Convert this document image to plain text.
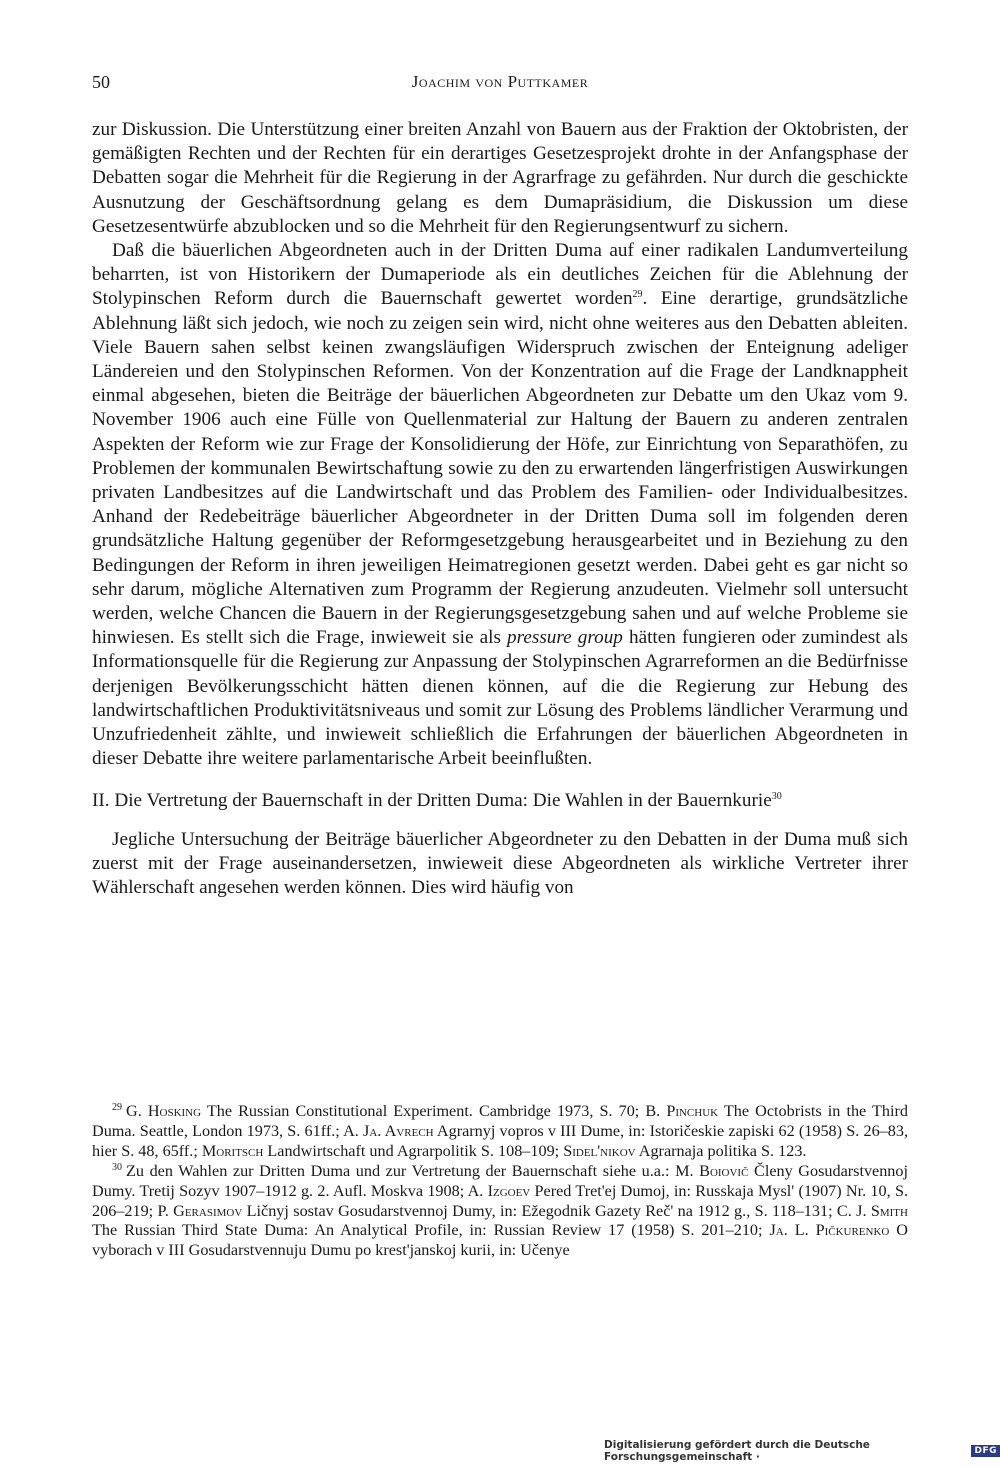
50	Joachim von Puttkamer

zur Diskussion. Die Unterstützung einer breiten Anzahl von Bauern aus der Fraktion der Oktobristen, der gemäßigten Rechten und der Rechten für ein derartiges Gesetzesprojekt drohte in der Anfangsphase der Debatten sogar die Mehrheit für die Regierung in der Agrarfrage zu gefährden. Nur durch die geschickte Ausnutzung der Geschäftsordnung gelang es dem Dumapräsidium, die Diskussion um diese Gesetzesentwürfe abzublocken und so die Mehrheit für den Regierungsentwurf zu sichern.

Daß die bäuerlichen Abgeordneten auch in der Dritten Duma auf einer radikalen Landumverteilung beharrten, ist von Historikern der Dumaperiode als ein deutliches Zeichen für die Ablehnung der Stolypinschen Reform durch die Bauernschaft gewertet worden$^{29}$. Eine derartige, grundsätzliche Ablehnung läßt sich jedoch, wie noch zu zeigen sein wird, nicht ohne weiteres aus den Debatten ableiten. Viele Bauern sahen selbst keinen zwangsläufigen Widerspruch zwischen der Enteignung adeliger Ländereien und den Stolypinschen Reformen. Von der Konzentration auf die Frage der Landknappheit einmal abgesehen, bieten die Beiträge der bäuerlichen Abgeordneten zur Debatte um den Ukaz vom 9. November 1906 auch eine Fülle von Quellenmaterial zur Haltung der Bauern zu anderen zentralen Aspekten der Reform wie zur Frage der Konsolidierung der Höfe, zur Einrichtung von Separathöfen, zu Problemen der kommunalen Bewirtschaftung sowie zu den zu erwartenden längerfristigen Auswirkungen privaten Landbesitzes auf die Landwirtschaft und das Problem des Familien- oder Individualbesitzes. Anhand der Redebeiträge bäuerlicher Abgeordneter in der Dritten Duma soll im folgenden deren grundsätzliche Haltung gegenüber der Reformgesetzgebung herausgearbeitet und in Beziehung zu den Bedingungen der Reform in ihren jeweiligen Heimatregionen gesetzt werden. Dabei geht es gar nicht so sehr darum, mögliche Alternativen zum Programm der Regierung anzudeuten. Vielmehr soll untersucht werden, welche Chancen die Bauern in der Regierungsgesetzgebung sahen und auf welche Probleme sie hinwiesen. Es stellt sich die Frage, inwieweit sie als pressure group hätten fungieren oder zumindest als Informationsquelle für die Regierung zur Anpassung der Stolypinschen Agrarreformen an die Bedürfnisse derjenigen Bevölkerungsschicht hätten dienen können, auf die die Regierung zur Hebung des landwirtschaftlichen Produktivitätsniveaus und somit zur Lösung des Problems ländlicher Verarmung und Unzufriedenheit zählte, und inwieweit schließlich die Erfahrungen der bäuerlichen Abgeordneten in dieser Debatte ihre weitere parlamentarische Arbeit beeinflußten.

II. Die Vertretung der Bauernschaft in der Dritten Duma: Die Wahlen in der Bauernkurie$^{30}$

Jegliche Untersuchung der Beiträge bäuerlicher Abgeordneter zu den Debatten in der Duma muß sich zuerst mit der Frage auseinandersetzen, inwieweit diese Abgeordneten als wirkliche Vertreter ihrer Wählerschaft angesehen werden können. Dies wird häufig von

$^{29}$ G. Hosking The Russian Constitutional Experiment. Cambridge 1973, S. 70; B. Pinchuk The Octobrists in the Third Duma. Seattle, London 1973, S. 61ff.; A. Ja. Avrech Agrarnyj vopros v III Dume, in: Istoričeskie zapiski 62 (1958) S. 26–83, hier S. 48, 65ff.; Moritsch Landwirtschaft und Agrarpolitik S. 108–109; Sidel'nikov Agrarnaja politika S. 123.

$^{30}$ Zu den Wahlen zur Dritten Duma und zur Vertretung der Bauernschaft siehe u.a.: M. Boiovič Členy Gosudarstvennoj Dumy. Tretij Sozyv 1907–1912 g. 2. Aufl. Moskva 1908; A. Izgoev Pered Tret'ej Dumoj, in: Russkaja Mysl' (1907) Nr. 10, S. 206–219; P. Gerasimov Ličnyj sostav Gosudarstvennoj Dumy, in: Ežegodnik Gazety Reč' na 1912 g., S. 118–131; C. J. Smith The Russian Third State Duma: An Analytical Profile, in: Russian Review 17 (1958) S. 201–210; Ja. L. Pičkurenko O vyborach v III Gosudarstvennuju Dumu po krest'janskoj kurii, in: Učenye

Digitalisierung gefördert durch die Deutsche Forschungsgemeinschaft ·	DFG
